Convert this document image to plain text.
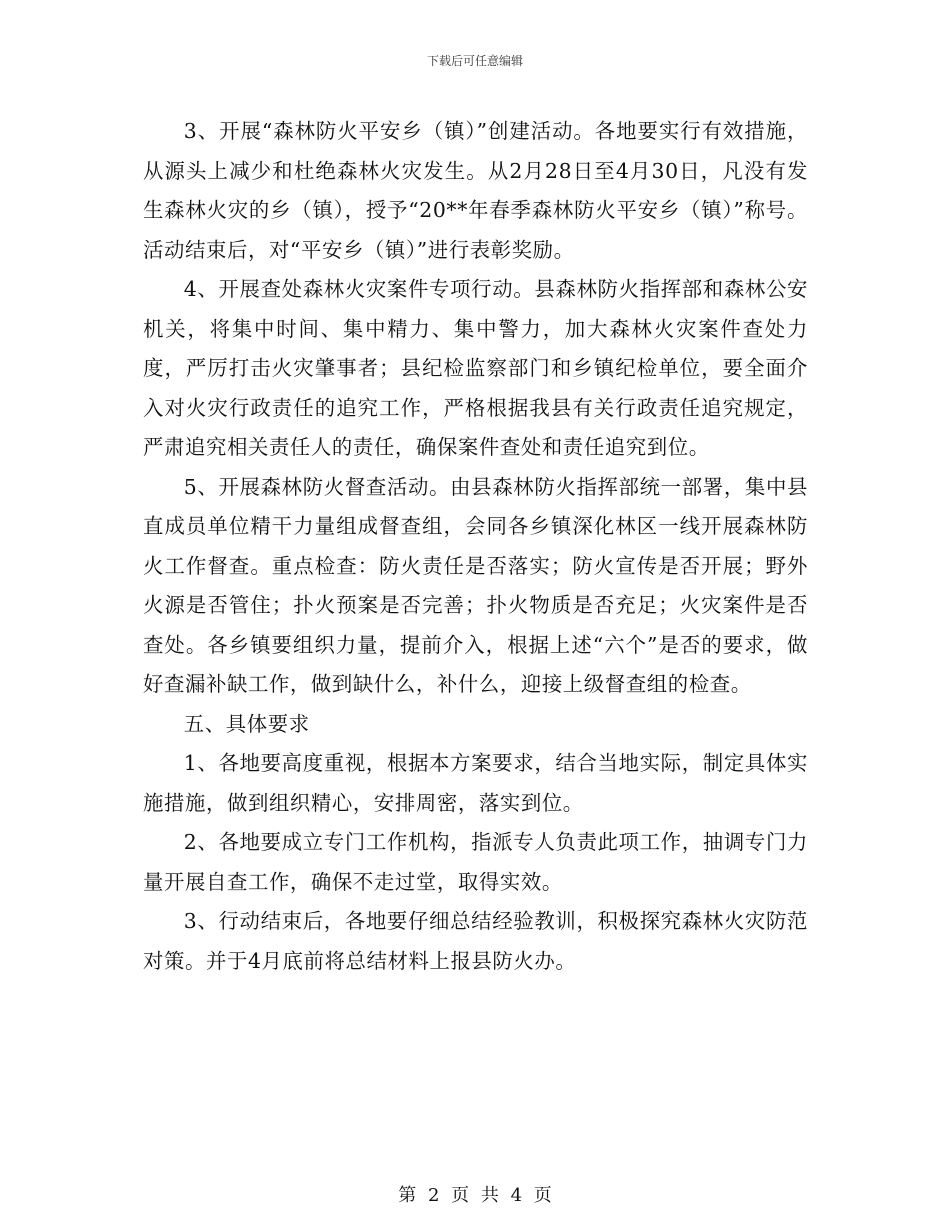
下载后可任意编辑

3、开展“森林防火平安乡（镇）”创建活动。各地要实行有效措施，从源头上减少和杜绝森林火灾发生。从2月28日至4月30日，凡没有发生森林火灾的乡（镇），授予“20**年春季森林防火平安乡（镇）”称号。活动结束后，对“平安乡（镇）”进行表彰奖励。

4、开展查处森林火灾案件专项行动。县森林防火指挥部和森林公安机关，将集中时间、集中精力、集中警力，加大森林火灾案件查处力度，严厉打击火灾肇事者；县纪检监察部门和乡镇纪检单位，要全面介入对火灾行政责任的追究工作，严格根据我县有关行政责任追究规定，严肃追究相关责任人的责任，确保案件查处和责任追究到位。

5、开展森林防火督查活动。由县森林防火指挥部统一部署，集中县直成员单位精干力量组成督查组，会同各乡镇深化林区一线开展森林防火工作督查。重点检查：防火责任是否落实；防火宣传是否开展；野外火源是否管住；扑火预案是否完善；扑火物质是否充足；火灾案件是否查处。各乡镇要组织力量，提前介入，根据上述“六个”是否的要求，做好查漏补缺工作，做到缺什么，补什么，迎接上级督查组的检查。

五、具体要求

1、各地要高度重视，根据本方案要求，结合当地实际，制定具体实施措施，做到组织精心，安排周密，落实到位。

2、各地要成立专门工作机构，指派专人负责此项工作，抽调专门力量开展自查工作，确保不走过堂，取得实效。

3、行动结束后，各地要仔细总结经验教训，积极探究森林火灾防范对策。并于4月底前将总结材料上报县防火办。

第 2 页 共 4 页
